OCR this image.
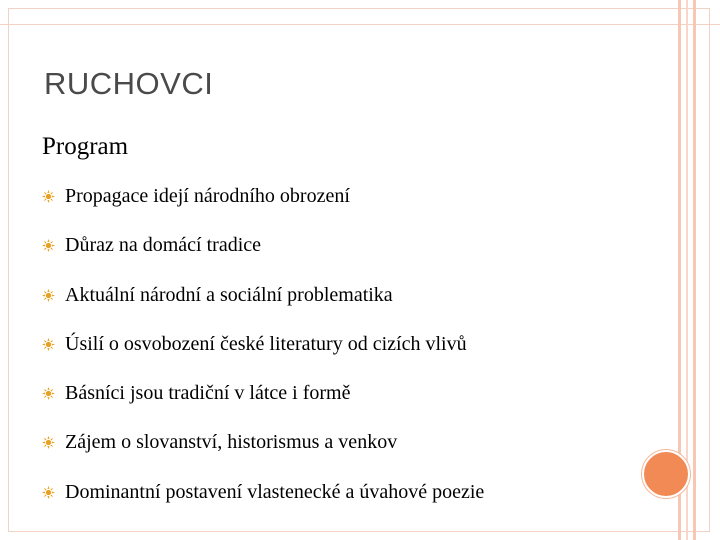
RUCHOVCI
Program
Propagace idejí národního obrození
Důraz na domácí tradice
Aktuální národní a sociální problematika
Úsilí o osvobození české literatury od cizích vlivů
Básníci jsou tradiční v látce i formě
Zájem o slovanství, historismus a venkov
Dominantní postavení vlastenecké a úvahové poezie
